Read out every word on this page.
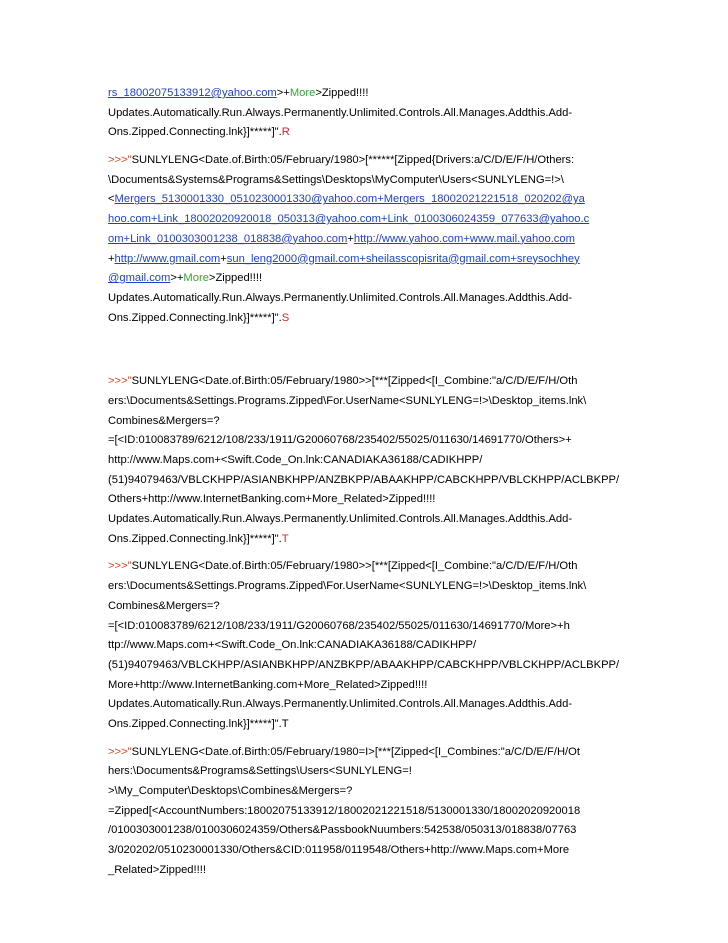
rs_18002075133912@yahoo.com>+More>Zipped!!!!
Updates.Automatically.Run.Always.Permanently.Unlimited.Controls.All.Manages.Addthis.Add-
Ons.Zipped.Connecting.lnk}]*****]".R
>>>"SUNLYLENG<Date.of.Birth:05/February/1980>[******[Zipped{Drivers:a/C/D/E/F/H/Others:
\Documents&Systems&Programs&Settings\Desktops\MyComputer\Users<SUNLYLENG=!>\
<Mergers_5130001330_0510230001330@yahoo.com+Mergers_18002021221518_020202@ya
hoo.com+Link_18002020920018_050313@yahoo.com+Link_0100306024359_077633@yahoo.c
om+Link_0100303001238_018838@yahoo.com+http://www.yahoo.com+www.mail.yahoo.com
+http://www.gmail.com+sun_leng2000@gmail.com+sheilasscopisrita@gmail.com+sreysochhey
@gmail.com>+More>Zipped!!!!
Updates.Automatically.Run.Always.Permanently.Unlimited.Controls.All.Manages.Addthis.Add-
Ons.Zipped.Connecting.lnk}]*****]".S
>>>"SUNLYLENG<Date.of.Birth:05/February/1980>>[***[Zipped<[I_Combine:"a/C/D/E/F/H/Oth
ers:\Documents&Settings.Programs.Zipped\For.UserName<SUNLYLENG=!>\Desktop_items.lnk\
Combines&Mergers=?
=[<ID:010083789/6212/108/233/1911/G20060768/235402/55025/011630/14691770/Others>+
http://www.Maps.com+<Swift.Code_On.lnk:CANADIAKA36188/CADIKHPP/
(51)94079463/VBLCKHPP/ASIANBKHPP/ANZBKPP/ABAAKHPP/CABCKHPP/VBLCKHPP/ACLBKPP/
Others+http://www.InternetBanking.com+More_Related>Zipped!!!!
Updates.Automatically.Run.Always.Permanently.Unlimited.Controls.All.Manages.Addthis.Add-
Ons.Zipped.Connecting.lnk}]*****]".T
>>>"SUNLYLENG<Date.of.Birth:05/February/1980>>[***[Zipped<[I_Combine:"a/C/D/E/F/H/Oth
ers:\Documents&Settings.Programs.Zipped\For.UserName<SUNLYLENG=!>\Desktop_items.lnk\
Combines&Mergers=?
=[<ID:010083789/6212/108/233/1911/G20060768/235402/55025/011630/14691770/More>+h
ttp://www.Maps.com+<Swift.Code_On.lnk:CANADIAKA36188/CADIKHPP/
(51)94079463/VBLCKHPP/ASIANBKHPP/ANZBKPP/ABAAKHPP/CABCKHPP/VBLCKHPP/ACLBKPP/
More+http://www.InternetBanking.com+More_Related>Zipped!!!!
Updates.Automatically.Run.Always.Permanently.Unlimited.Controls.All.Manages.Addthis.Add-
Ons.Zipped.Connecting.lnk}]*****]".T
>>>"SUNLYLENG<Date.of.Birth:05/February/1980=I>[***[Zipped<[I_Combines:"a/C/D/E/F/H/Ot
hers:\Documents&Programs&Settings\Users<SUNLYLENG=!
>\My_Computer\Desktops\Combines&Mergers=?
=Zipped[<AccountNumbers:18002075133912/18002021221518/5130001330/18002020920018
/0100303001238/0100306024359/Others&PassbookNuumbers:542538/050313/018838/07763
3/020202/0510230001330/Others&CID:011958/0119548/Others+http://www.Maps.com+More
_Related>Zipped!!!!
